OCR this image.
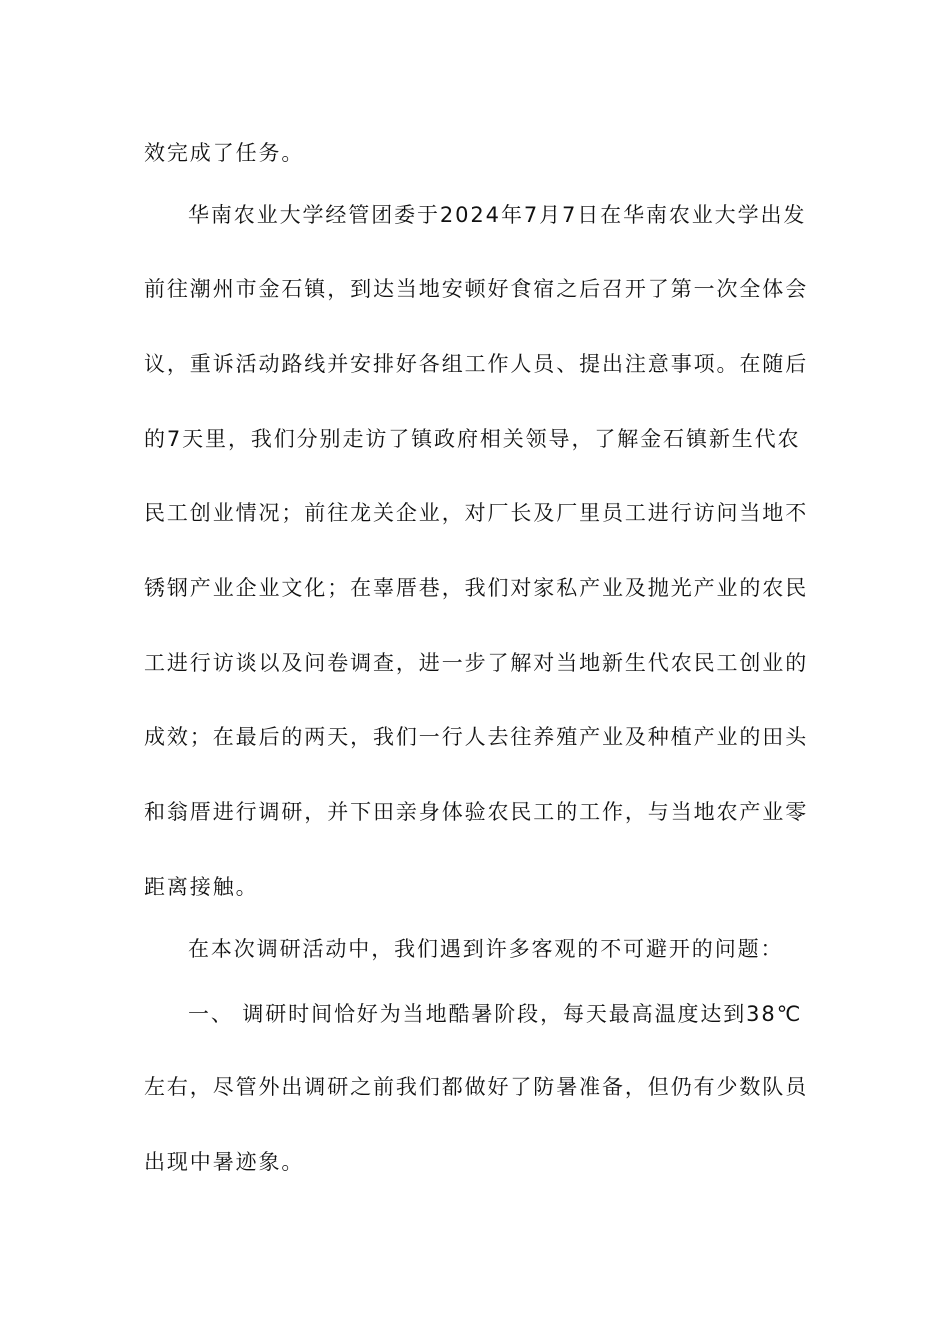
效完成了任务。
华南农业大学经管团委于2024年7月7日在华南农业大学出发
前往潮州市金石镇，到达当地安顿好食宿之后召开了第一次全体会
议，重诉活动路线并安排好各组工作人员、提出注意事项。在随后
的7天里，我们分别走访了镇政府相关领导，了解金石镇新生代农
民工创业情况；前往龙关企业，对厂长及厂里员工进行访问当地不
锈钢产业企业文化；在辜厝巷，我们对家私产业及抛光产业的农民
工进行访谈以及问卷调查，进一步了解对当地新生代农民工创业的
成效；在最后的两天，我们一行人去往养殖产业及种植产业的田头
和翁厝进行调研，并下田亲身体验农民工的工作，与当地农产业零
距离接触。
在本次调研活动中，我们遇到许多客观的不可避开的问题：
一、 调研时间恰好为当地酷暑阶段，每天最高温度达到38℃
左右，尽管外出调研之前我们都做好了防暑准备，但仍有少数队员
出现中暑迹象。
